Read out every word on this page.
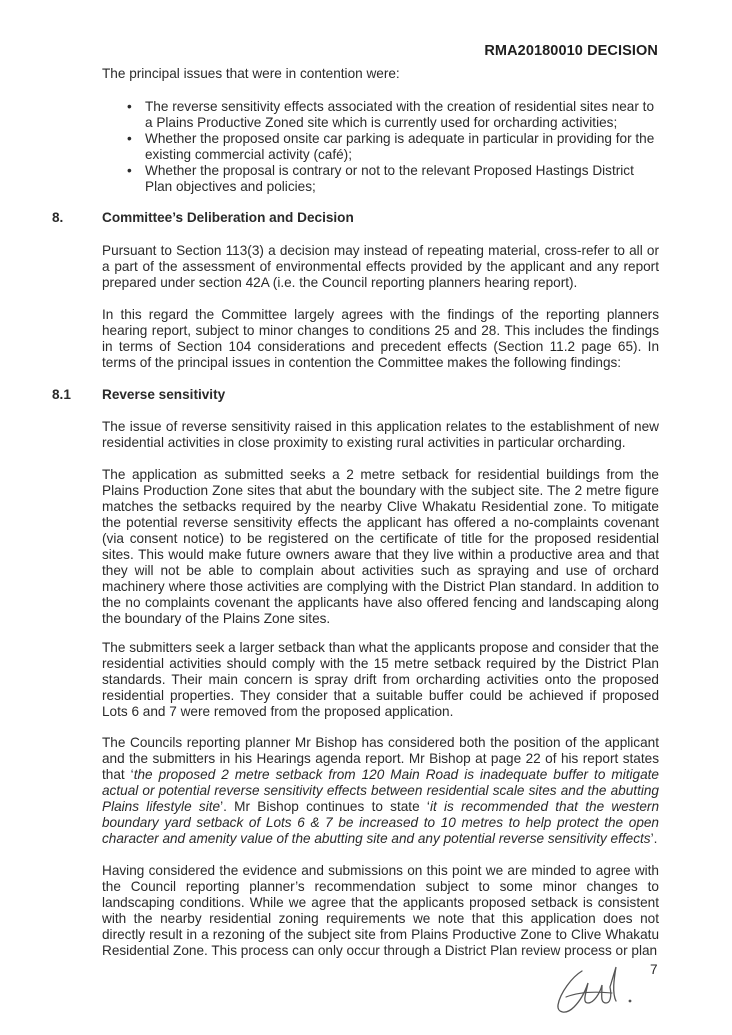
RMA20180010 DECISION

The principal issues that were in contention were:

• The reverse sensitivity effects associated with the creation of residential sites near to a Plains Productive Zoned site which is currently used for orcharding activities;
• Whether the proposed onsite car parking is adequate in particular in providing for the existing commercial activity (café);
• Whether the proposal is contrary or not to the relevant Proposed Hastings District Plan objectives and policies;
8.	Committee’s Deliberation and Decision

Pursuant to Section 113(3) a decision may instead of repeating material, cross-refer to all or a part of the assessment of environmental effects provided by the applicant and any report prepared under section 42A (i.e. the Council reporting planners hearing report).

In this regard the Committee largely agrees with the findings of the reporting planners hearing report, subject to minor changes to conditions 25 and 28. This includes the findings in terms of Section 104 considerations and precedent effects (Section 11.2 page 65). In terms of the principal issues in contention the Committee makes the following findings:

8.1 Reverse sensitivity

The issue of reverse sensitivity raised in this application relates to the establishment of new residential activities in close proximity to existing rural activities in particular orcharding.

The application as submitted seeks a 2 metre setback for residential buildings from the Plains Production Zone sites that abut the boundary with the subject site. The 2 metre figure matches the setbacks required by the nearby Clive Whakatu Residential zone. To mitigate the potential reverse sensitivity effects the applicant has offered a no-complaints covenant (via consent notice) to be registered on the certificate of title for the proposed residential sites. This would make future owners aware that they live within a productive area and that they will not be able to complain about activities such as spraying and use of orchard machinery where those activities are complying with the District Plan standard. In addition to the no complaints covenant the applicants have also offered fencing and landscaping along the boundary of the Plains Zone sites.

The submitters seek a larger setback than what the applicants propose and consider that the residential activities should comply with the 15 metre setback required by the District Plan standards. Their main concern is spray drift from orcharding activities onto the proposed residential properties. They consider that a suitable buffer could be achieved if proposed Lots 6 and 7 were removed from the proposed application.

The Councils reporting planner Mr Bishop has considered both the position of the applicant and the submitters in his Hearings agenda report. Mr Bishop at page 22 of his report states that ‘the proposed 2 metre setback from 120 Main Road is inadequate buffer to mitigate actual or potential reverse sensitivity effects between residential scale sites and the abutting Plains lifestyle site’. Mr Bishop continues to state ‘it is recommended that the western boundary yard setback of Lots 6 & 7 be increased to 10 metres to help protect the open character and amenity value of the abutting site and any potential reverse sensitivity effects’.

Having considered the evidence and submissions on this point we are minded to agree with the Council reporting planner’s recommendation subject to some minor changes to landscaping conditions. While we agree that the applicants proposed setback is consistent with the nearby residential zoning requirements we note that this application does not directly result in a rezoning of the subject site from Plains Productive Zone to Clive Whakatu Residential Zone. This process can only occur through a District Plan review process or plan

7
